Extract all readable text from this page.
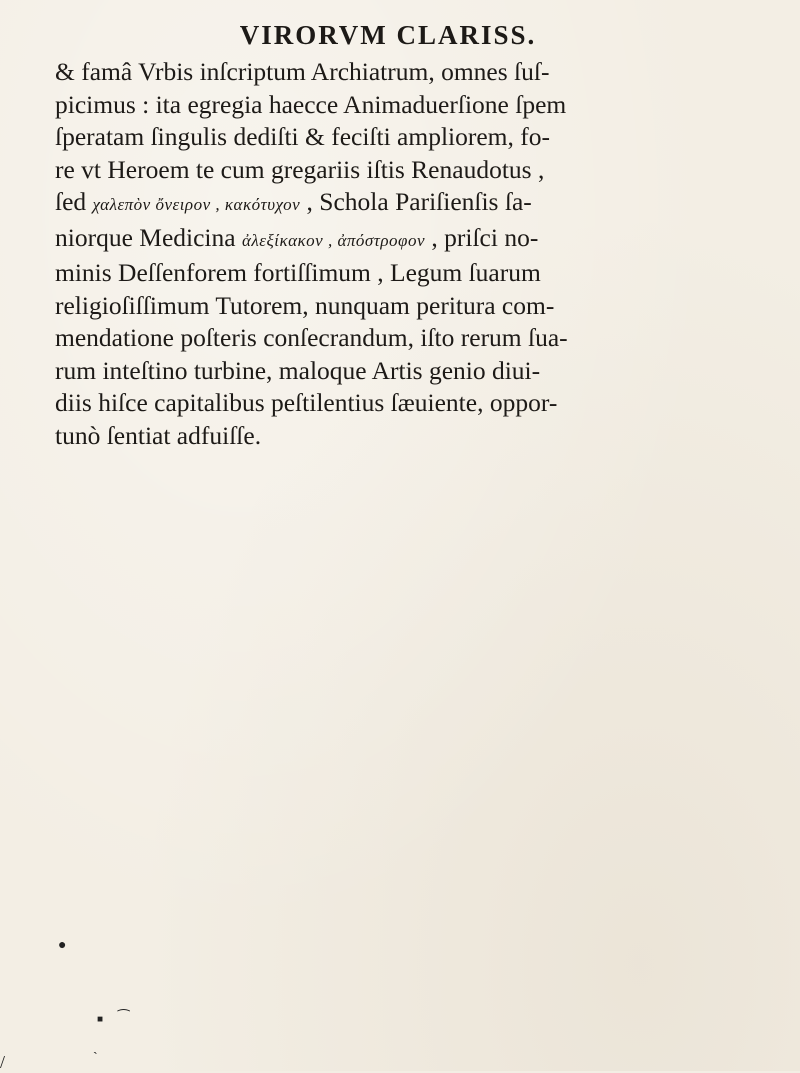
VIRORVM CLARISS.
& famâ Vrbis inſcriptum Archiatrum, omnes ſuſ-
picimus : ita egregia haecce Animaduerſione ſpem
ſperatam ſingulis dediſti & feciſti ampliorem, fo-
re vt Heroem te cum gregariis iſtis Renaudotus ,
ſed χαλεπὸν ὄνειρον , κακότυχον , Schola Pariſienſis ſa-
niorque Medicina ἀλεξίκακον , ἀπόστροφον , priſci no-
minis Deſſenforem fortiſſimum , Legum ſuarum
religioſiſſimum Tutorem, nunquam peritura com-
mendatione poſteris conſecrandum, iſto rerum ſua-
rum inteſtino turbine, maloque Artis genio diui-
diis hiſce capitalibus peſtilentius ſæuiente, oppor-
tunò ſentiat adfuiſſe.
●
■ ⁀
ˎ
/
